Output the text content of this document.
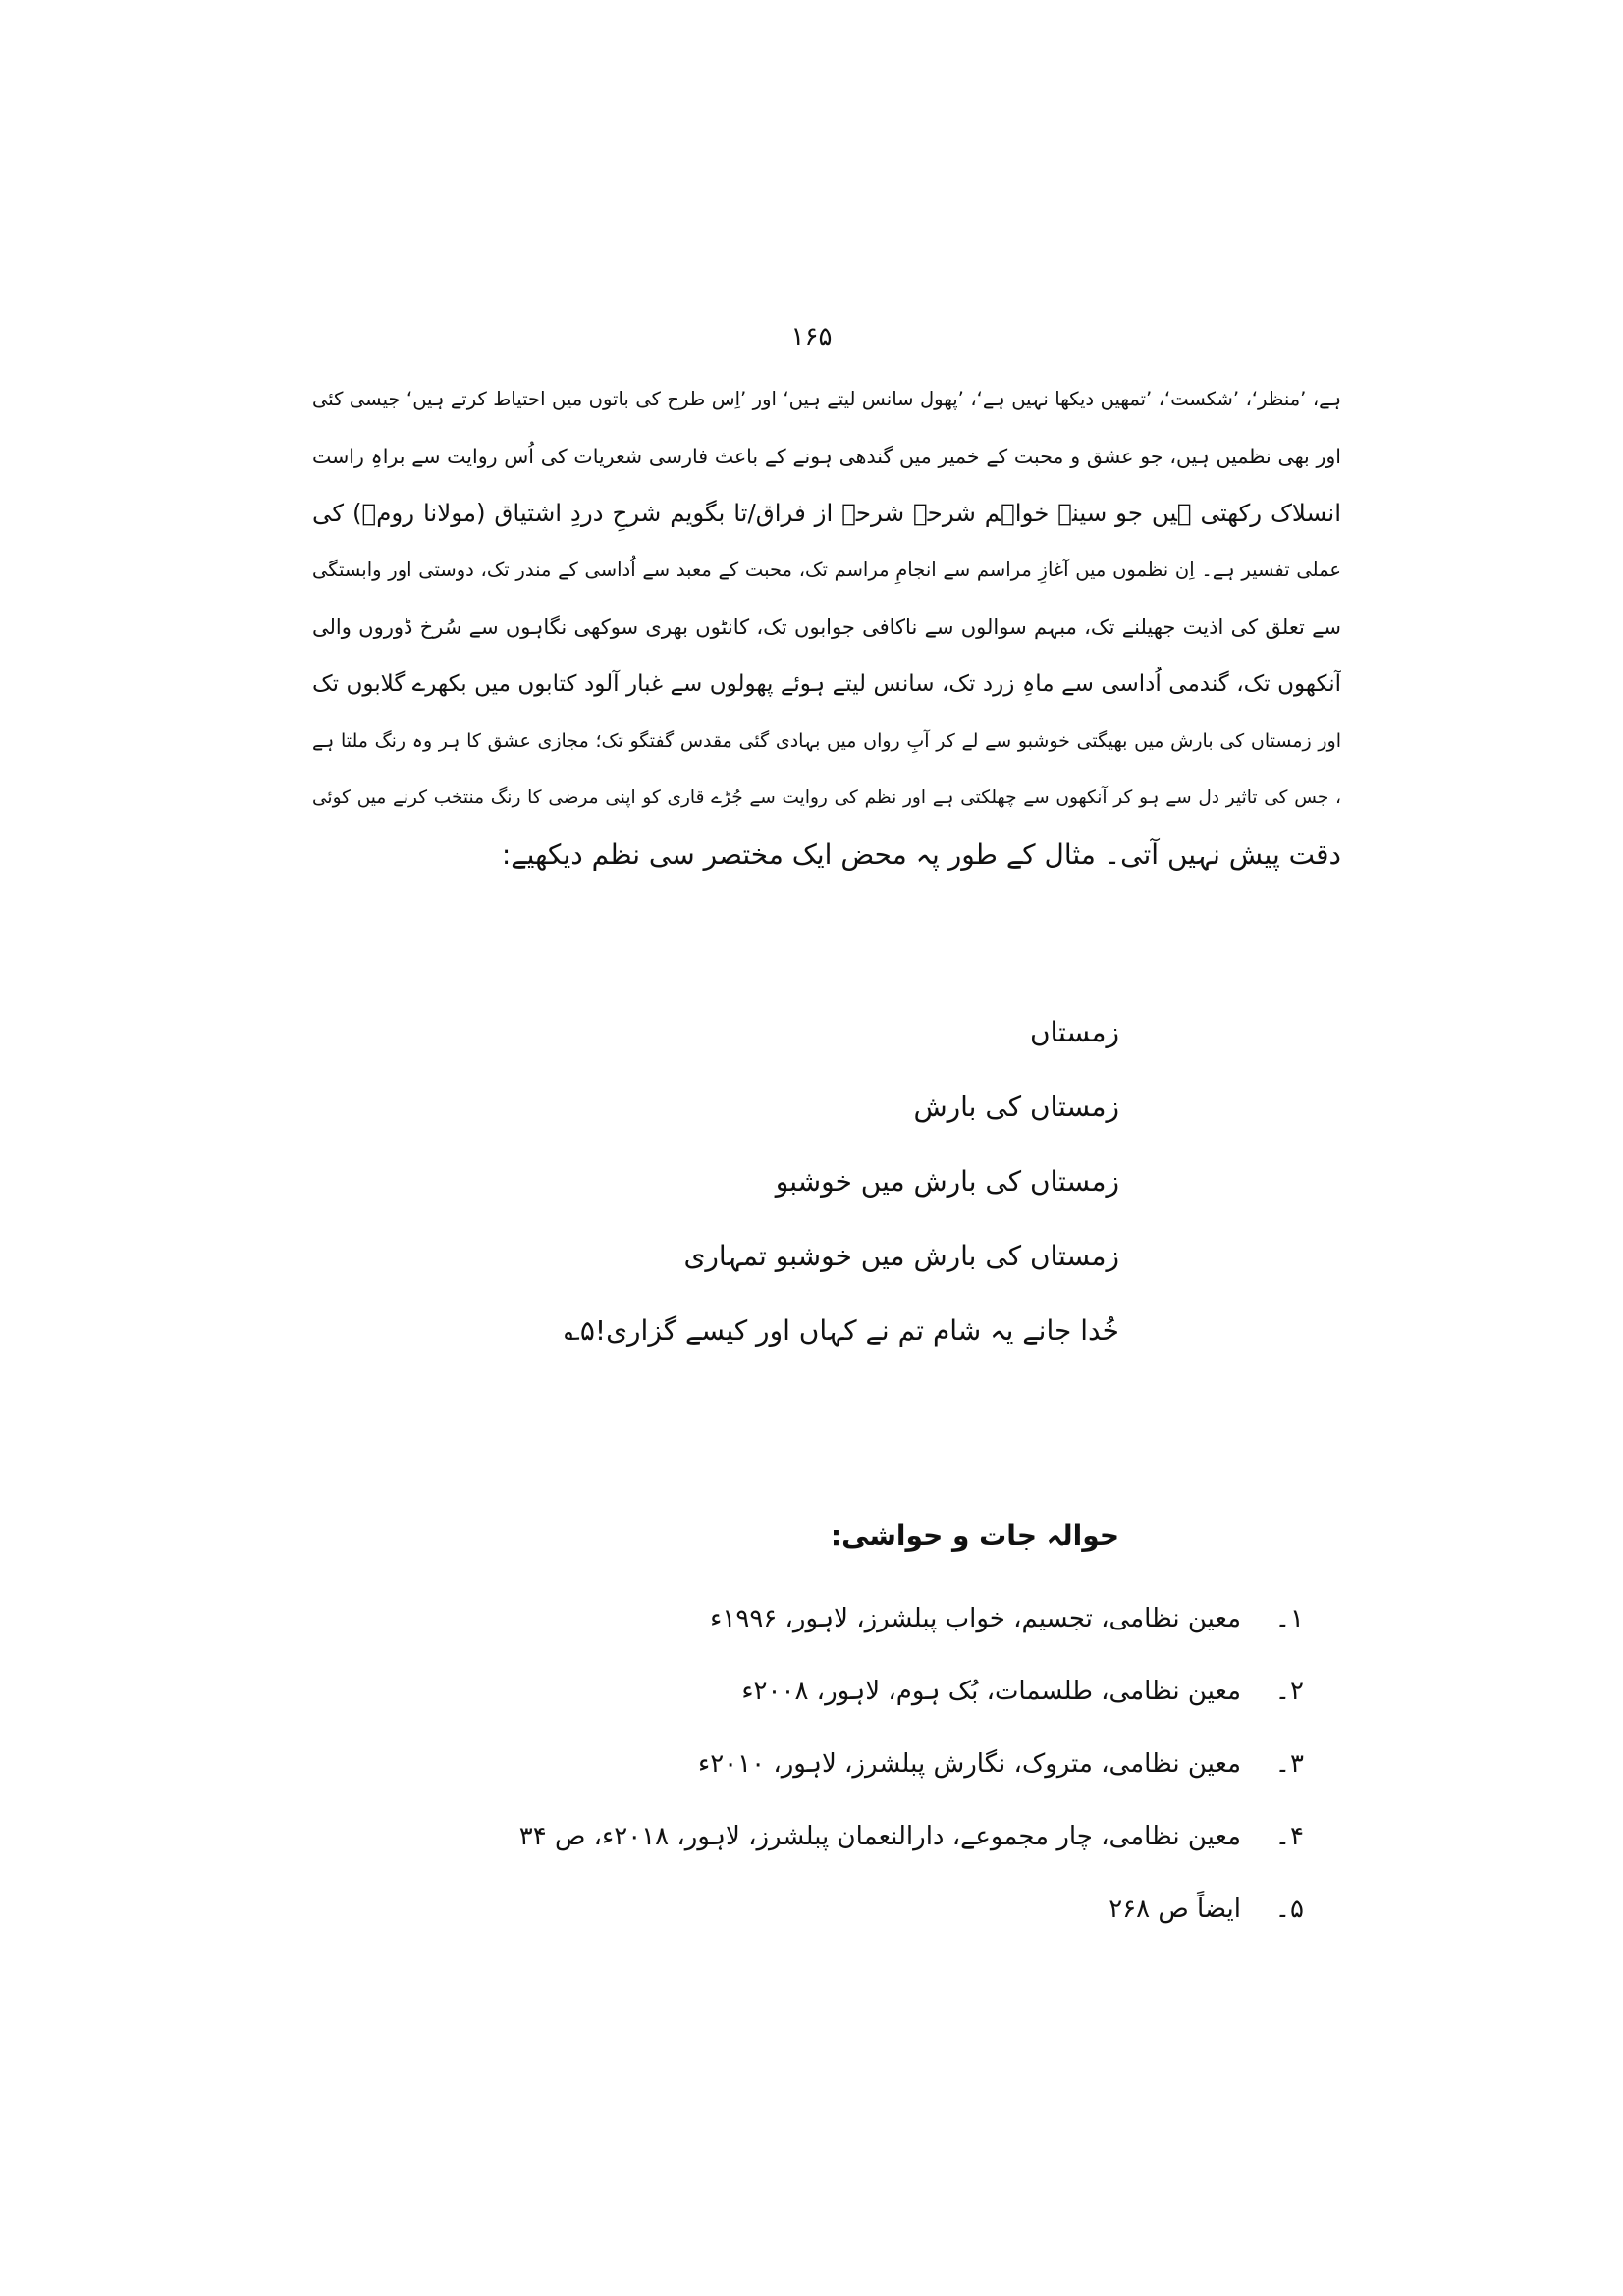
۱۶۵
ہے، ’منظر‘، ’شکست‘، ’تمھیں دیکھا نہیں ہے‘، ’پھول سانس لیتے ہیں‘ اور ’اِس طرح کی باتوں میں احتیاط کرتے ہیں‘ جیسی کئی
اور بھی نظمیں ہیں، جو عشق و محبت کے خمیر میں گندھی ہونے کے باعث فارسی شعریات کی اُس روایت سے براہِ راست
انسلاک رکھتی ہیں جو سینہ خواہم شرحہ شرحہ از فراق/تا بگویم شرحِ دردِ اشتیاق (مولانا رومؒ) کی
عملی تفسیر ہے۔ اِن نظموں میں آغازِ مراسم سے انجامِ مراسم تک، محبت کے معبد سے اُداسی کے مندر تک، دوستی اور وابستگی
سے تعلق کی اذیت جھیلنے تک، مبہم سوالوں سے ناکافی جوابوں تک، کانٹوں بھری سوکھی نگاہوں سے سُرخ ڈوروں والی
آنکھوں تک، گندمی اُداسی سے ماہِ زرد تک، سانس لیتے ہوئے پھولوں سے غبار آلود کتابوں میں بکھرے گلابوں تک
اور زمستاں کی بارش میں بھیگتی خوشبو سے لے کر آبِ رواں میں بہادی گئی مقدس گفتگو تک؛ مجازی عشق کا ہر وہ رنگ ملتا ہے
، جس کی تاثیر دل سے ہو کر آنکھوں سے چھلکتی ہے اور نظم کی روایت سے جُڑے قاری کو اپنی مرضی کا رنگ منتخب کرنے میں کوئی
دقت پیش نہیں آتی۔ مثال کے طور پہ محض ایک مختصر سی نظم دیکھیے:
زمستاں
زمستاں کی بارش
زمستاں کی بارش میں خوشبو
زمستاں کی بارش میں خوشبو تمہاری
خُدا جانے یہ شام تم نے کہاں اور کیسے گزاری!۵؎
حوالہ جات و حواشی:
۱۔
معین نظامی، تجسیم، خواب پبلشرز، لاہور، ۱۹۹۶ء
۲۔
معین نظامی، طلسمات، بُک ہوم، لاہور، ۲۰۰۸ء
۳۔
معین نظامی، متروک، نگارش پبلشرز، لاہور، ۲۰۱۰ء
۴۔
معین نظامی، چار مجموعے، دارالنعمان پبلشرز، لاہور، ۲۰۱۸ء، ص ۳۴
۵۔
ایضاً ص ۲۶۸
